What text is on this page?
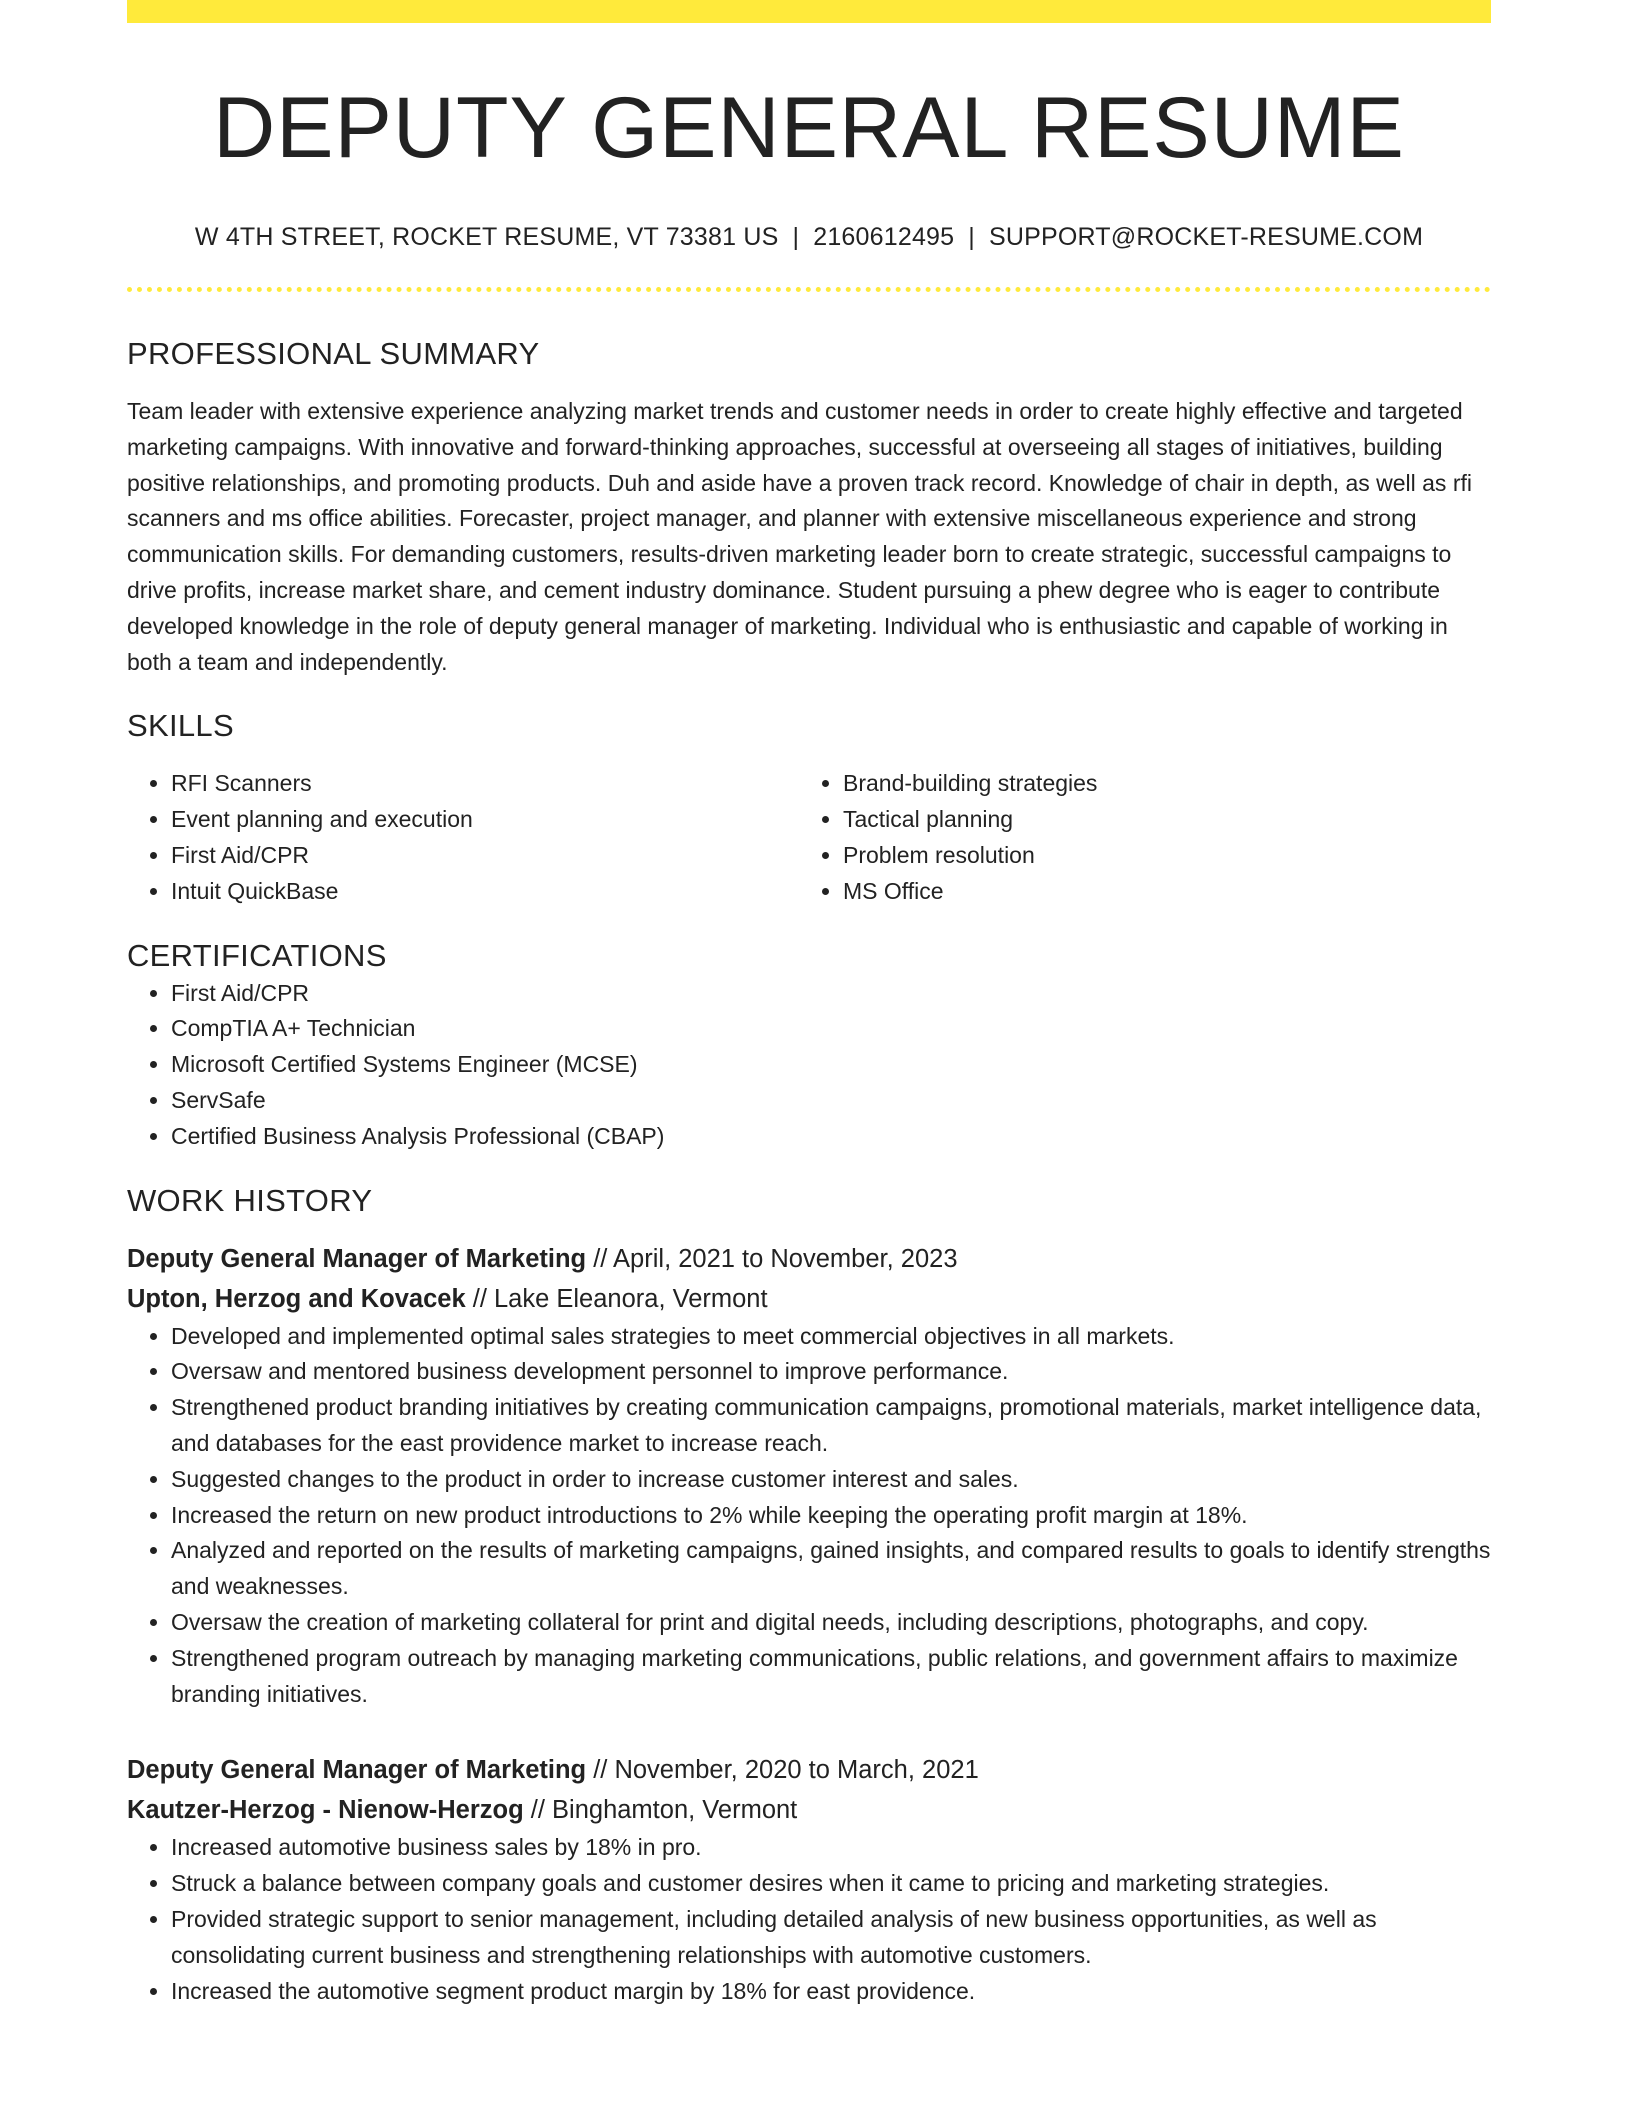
DEPUTY GENERAL RESUME
W 4TH STREET, ROCKET RESUME, VT 73381 US | 2160612495 | SUPPORT@ROCKET-RESUME.COM
PROFESSIONAL SUMMARY
Team leader with extensive experience analyzing market trends and customer needs in order to create highly effective and targeted marketing campaigns. With innovative and forward-thinking approaches, successful at overseeing all stages of initiatives, building positive relationships, and promoting products. Duh and aside have a proven track record. Knowledge of chair in depth, as well as rfi scanners and ms office abilities. Forecaster, project manager, and planner with extensive miscellaneous experience and strong communication skills. For demanding customers, results-driven marketing leader born to create strategic, successful campaigns to drive profits, increase market share, and cement industry dominance. Student pursuing a phew degree who is eager to contribute developed knowledge in the role of deputy general manager of marketing. Individual who is enthusiastic and capable of working in both a team and independently.
SKILLS
• RFI Scanners
• Event planning and execution
• First Aid/CPR
• Intuit QuickBase
• Brand-building strategies
• Tactical planning
• Problem resolution
• MS Office
CERTIFICATIONS
• First Aid/CPR
• CompTIA A+ Technician
• Microsoft Certified Systems Engineer (MCSE)
• ServSafe
• Certified Business Analysis Professional (CBAP)
WORK HISTORY
Deputy General Manager of Marketing // April, 2021 to November, 2023
Upton, Herzog and Kovacek // Lake Eleanora, Vermont
• Developed and implemented optimal sales strategies to meet commercial objectives in all markets.
• Oversaw and mentored business development personnel to improve performance.
• Strengthened product branding initiatives by creating communication campaigns, promotional materials, market intelligence data, and databases for the east providence market to increase reach.
• Suggested changes to the product in order to increase customer interest and sales.
• Increased the return on new product introductions to 2% while keeping the operating profit margin at 18%.
• Analyzed and reported on the results of marketing campaigns, gained insights, and compared results to goals to identify strengths and weaknesses.
• Oversaw the creation of marketing collateral for print and digital needs, including descriptions, photographs, and copy.
• Strengthened program outreach by managing marketing communications, public relations, and government affairs to maximize branding initiatives.
Deputy General Manager of Marketing // November, 2020 to March, 2021
Kautzer-Herzog - Nienow-Herzog // Binghamton, Vermont
• Increased automotive business sales by 18% in pro.
• Struck a balance between company goals and customer desires when it came to pricing and marketing strategies.
• Provided strategic support to senior management, including detailed analysis of new business opportunities, as well as consolidating current business and strengthening relationships with automotive customers.
• Increased the automotive segment product margin by 18% for east providence.
